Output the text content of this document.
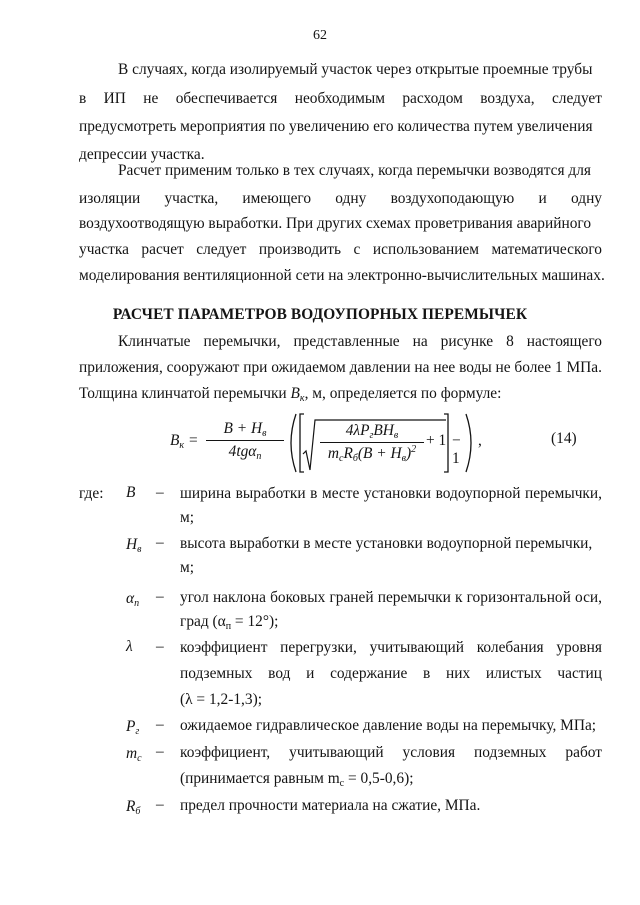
62
В случаях, когда изолируемый участок через открытые проемные трубы
в ИП не обеспечивается необходимым расходом воздуха, следует
предусмотреть мероприятия по увеличению его количества путем увеличения
депрессии участка.
Расчет применим только в тех случаях, когда перемычки возводятся для
изоляции участка, имеющего одну воздухоподающую и одну
воздухоотводящую выработки. При других схемах проветривания аварийного
участка расчет следует производить с использованием математического
моделирования вентиляционной сети на электронно-вычислительных машинах.
РАСЧЕТ ПАРАМЕТРОВ ВОДОУПОРНЫХ ПЕРЕМЫЧЕК
Клинчатые перемычки, представленные на рисунке 8 настоящего
приложения, сооружают при ожидаемом давлении на нее воды не более 1 МПа.
Толщина клинчатой перемычки $B_к$, м, определяется по формуле:
$B_к$ =
$B + H_в$
4tgα$_п$
$4\lambda P_гBH_в$
$m_cR_б(B + H_в)^2$
+ 1 − 1
,	(14)
где: B – ширина выработки в месте установки водоупорной перемычки,
м;
$H_в$ – высота выработки в месте установки водоупорной перемычки,
м;
$\alpha_п$ – угол наклона боковых граней перемычки к горизонтальной оси,
град $(\alpha_п = 12^\circ)$;
λ – коэффициент перегрузки, учитывающий колебания уровня
подземных вод и содержание в них илистых частиц
(λ = 1,2-1,3);
$P_г$ – ожидаемое гидравлическое давление воды на перемычку, МПа;
$m_c$ – коэффициент, учитывающий условия подземных работ
(принимается равным $m_c = 0,5-0,6$);
$R_б$ – предел прочности материала на сжатие, МПа.
